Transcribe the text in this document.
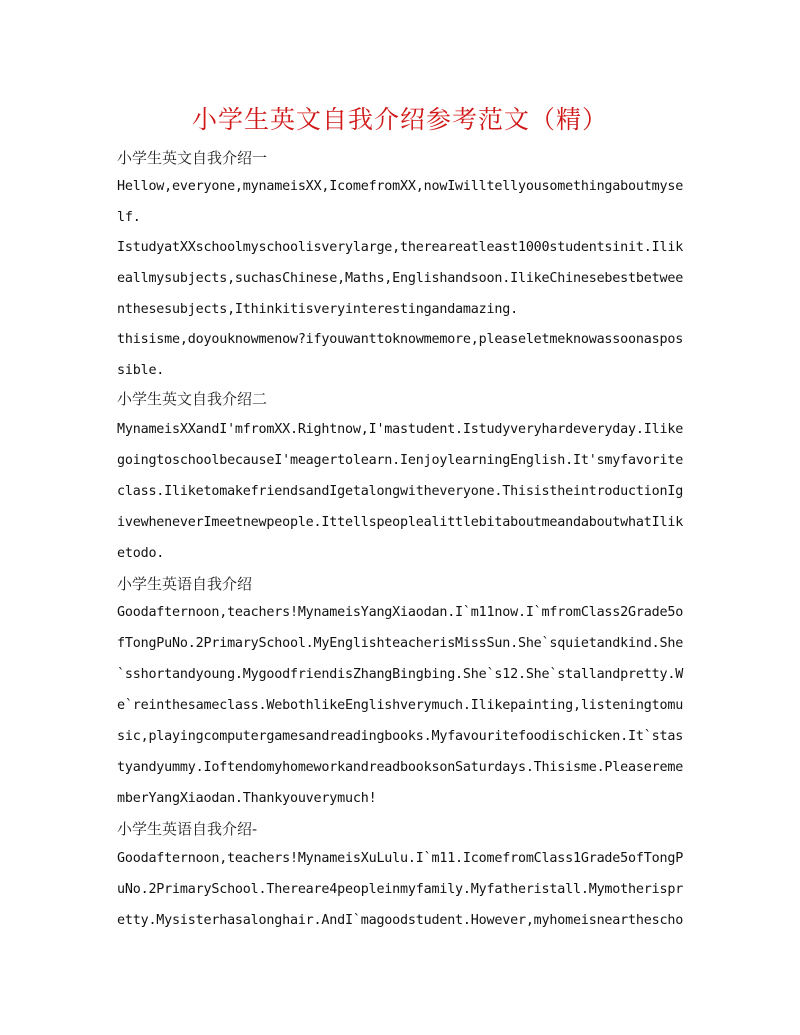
小学生英文自我介绍参考范文（精）
小学生英文自我介绍一
Hellow,everyone,mynameisXX,IcomefromXX,nowIwilltellyousomethingaboutmyself.
IstudyatXXschoolmyschoolisverylarge,thereareatleast1000studentsinit.Ilikeallmysubjects,suchasChinese,Maths,Englishandsoon.IlikeChinesebestbetweenthesesubjects,Ithinkitisveryinterestingandamazing.
thisisme,doyouknowmenow?ifyouwanttoknowmemore,pleaseletmeknowassoonaspossible.
小学生英文自我介绍二
MynameisXXandI'mfromXX.Rightnow,I'mastudent.Istudyveryhardeveryday.IlikegoingtoschoolbecauseI'meagertolearn.IenjoylearningEnglish.It'smyfavoriteclass.IliketomakefriendsandIgetalongwitheveryone.ThisistheintroductionIgivewheneverImeetnewpeople.IttellspeoplealittlebitaboutmeandaboutwhatIliketodo.
小学生英语自我介绍
Goodafternoon,teachers!MynameisYangXiaodan.I`m11now.I`mfromClass2Grade5ofTongPuNo.2PrimarySchool.MyEnglishteacherisMissSun.She`squietandkind.She`sshortandyoung.MygoodfriendisZhangBingbing.She`s12.She`stallandpretty.We`reinthesameclass.WebothlikeEnglishverymuch.Ilikepainting,listeningtomusic,playingcomputergamesandreadingbooks.Myfavouritefoodischicken.It`stastyandyummy.IoftendomyhomeworkandreadbooksonSaturdays.Thisisme.PleaserememberYangXiaodan.Thankyouverymuch!
小学生英语自我介绍-
Goodafternoon,teachers!MynameisXuLulu.I`m11.IcomefromClass1Grade5ofTongPuNo.2PrimarySchool.Thereare4peopleinmyfamily.Myfatheristall.Mymotherispretty.Mysisterhasalonghair.AndI`magoodstudent.However,myhomeisnearthescho
